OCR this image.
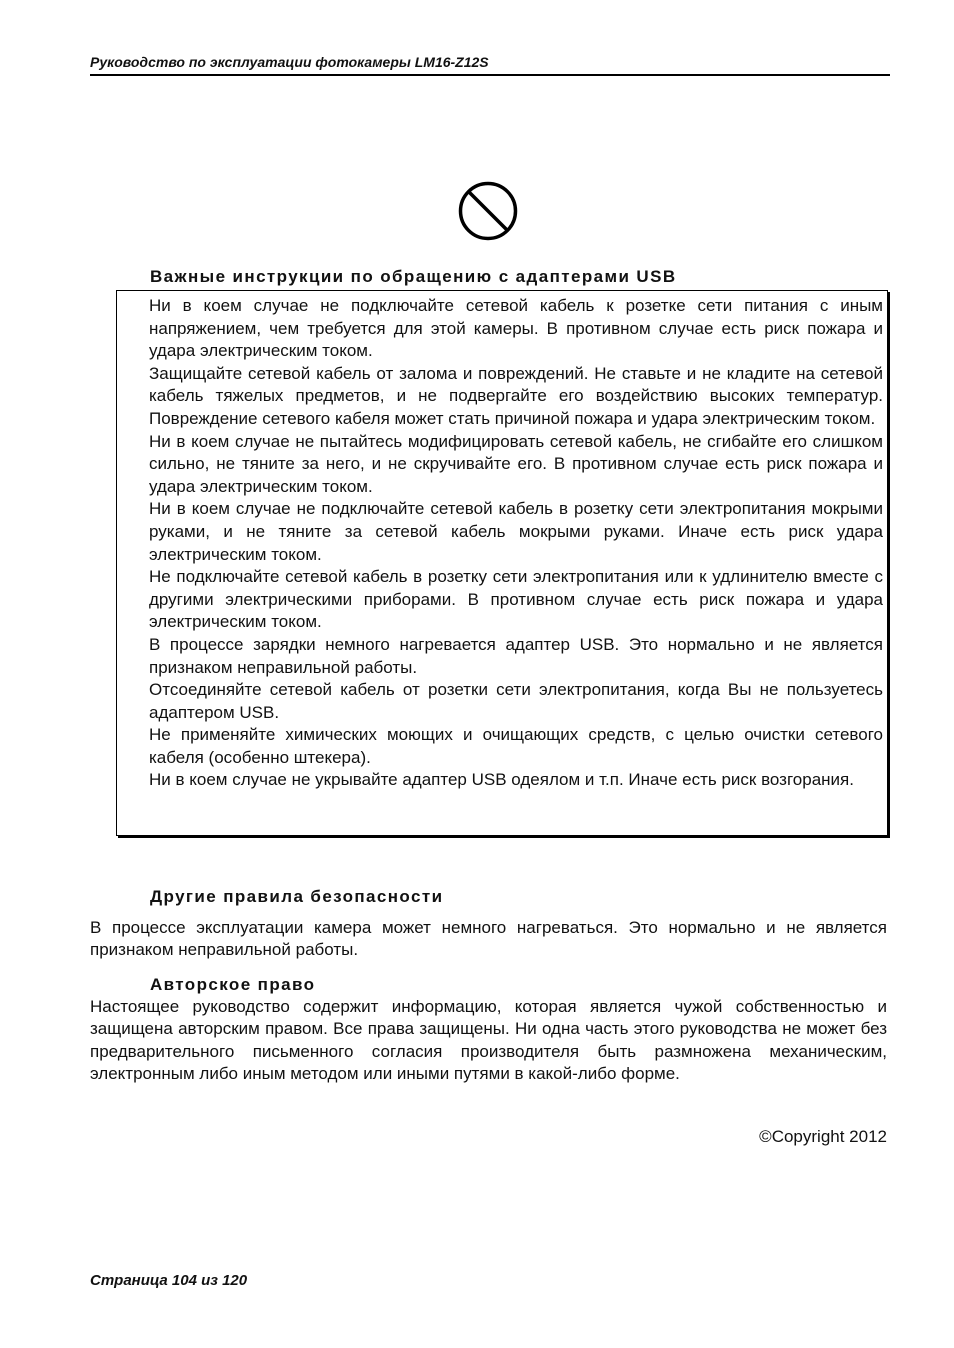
Руководство по эксплуатации фотокамеры LM16-Z12S
Важные инструкции по обращению с адаптерами USB

Ни в коем случае не подключайте сетевой кабель к розетке сети питания с иным напряжением, чем требуется для этой камеры. В противном случае есть риск пожара и удара электрическим током.

Защищайте сетевой кабель от залома и повреждений. Не ставьте и не кладите на сетевой кабель тяжелых предметов, и не подвергайте его воздействию высоких температур. Повреждение сетевого кабеля может стать причиной пожара и удара электрическим током.

Ни в коем случае не пытайтесь модифицировать сетевой кабель, не сгибайте его слишком сильно, не тяните за него, и не скручивайте его. В противном случае есть риск пожара и удара электрическим током.

Ни в коем случае не подключайте сетевой кабель в розетку сети электропитания мокрыми руками, и не тяните за сетевой кабель мокрыми руками. Иначе есть риск удара электрическим током.

Не подключайте сетевой кабель в розетку сети электропитания или к удлинителю вместе с другими электрическими приборами. В противном случае есть риск пожара и удара электрическим током.

В процессе зарядки немного нагревается адаптер USB. Это нормально и не является признаком неправильной работы.

Отсоединяйте сетевой кабель от розетки сети электропитания, когда Вы не пользуетесь адаптером USB.

Не применяйте химических моющих и очищающих средств, с целью очистки сетевого кабеля (особенно штекера).

Ни в коем случае не укрывайте адаптер USB одеялом и т.п. Иначе есть риск возгорания.

Другие правила безопасности

В процессе эксплуатации камера может немного нагреваться. Это нормально и не является признаком неправильной работы.

Авторское право

Настоящее руководство содержит информацию, которая является чужой собственностью и защищена авторским правом. Все права защищены. Ни одна часть этого руководства не может без предварительного письменного согласия производителя быть размножена механическим, электронным либо иным методом или иными путями в какой-либо форме.

©Copyright 2012
Страница 104 из 120
